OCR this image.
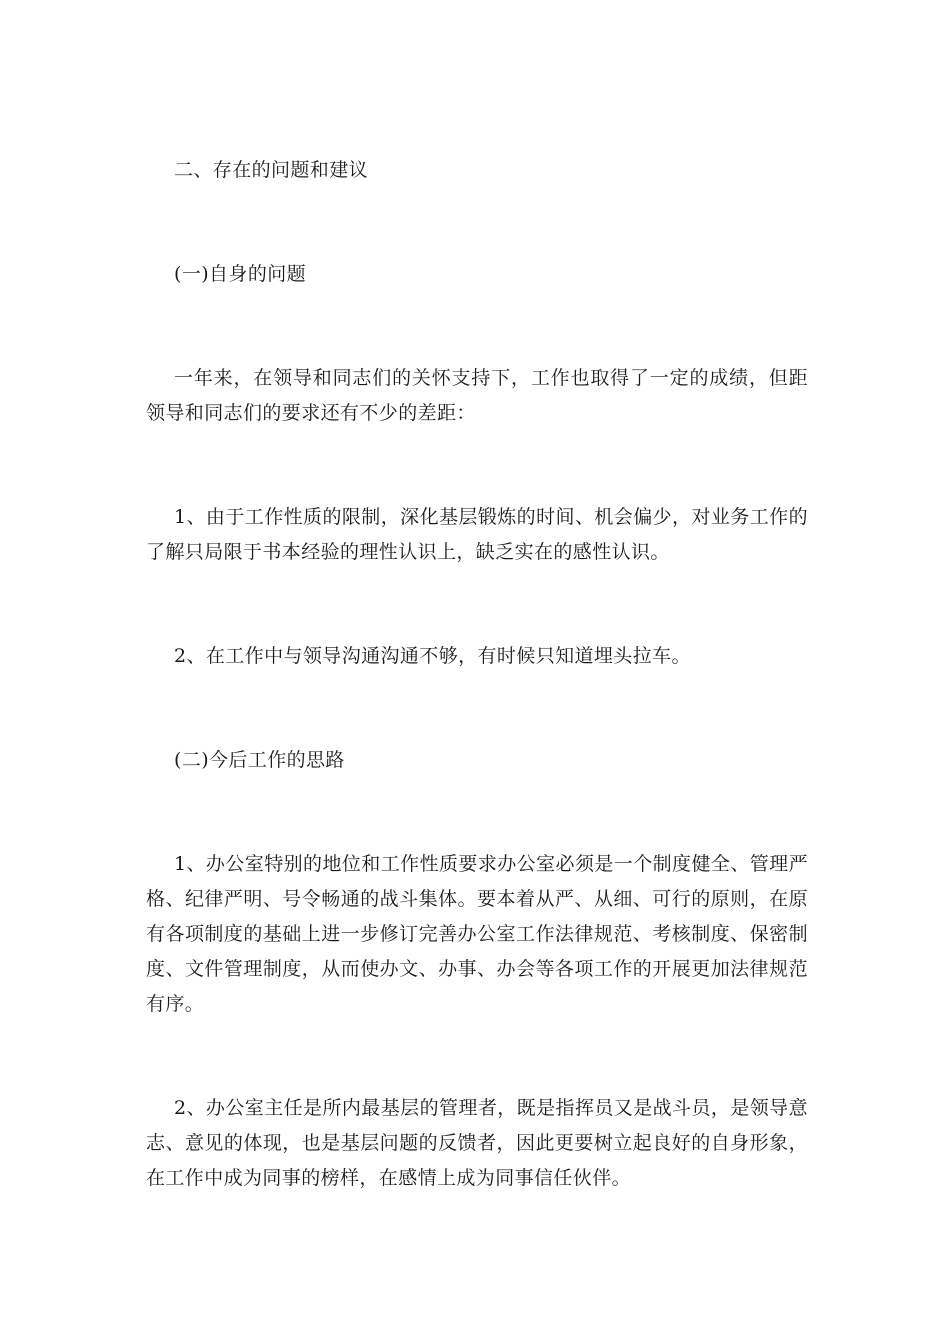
二、存在的问题和建议

(一)自身的问题

一年来，在领导和同志们的关怀支持下，工作也取得了一定的成绩，但距领导和同志们的要求还有不少的差距：

1、由于工作性质的限制，深化基层锻炼的时间、机会偏少，对业务工作的了解只局限于书本经验的理性认识上，缺乏实在的感性认识。

2、在工作中与领导沟通沟通不够，有时候只知道埋头拉车。

(二)今后工作的思路

1、办公室特别的地位和工作性质要求办公室必须是一个制度健全、管理严格、纪律严明、号令畅通的战斗集体。要本着从严、从细、可行的原则，在原有各项制度的基础上进一步修订完善办公室工作法律规范、考核制度、保密制度、文件管理制度，从而使办文、办事、办会等各项工作的开展更加法律规范有序。

2、办公室主任是所内最基层的管理者，既是指挥员又是战斗员，是领导意志、意见的体现，也是基层问题的反馈者，因此更要树立起良好的自身形象，在工作中成为同事的榜样，在感情上成为同事信任伙伴。
